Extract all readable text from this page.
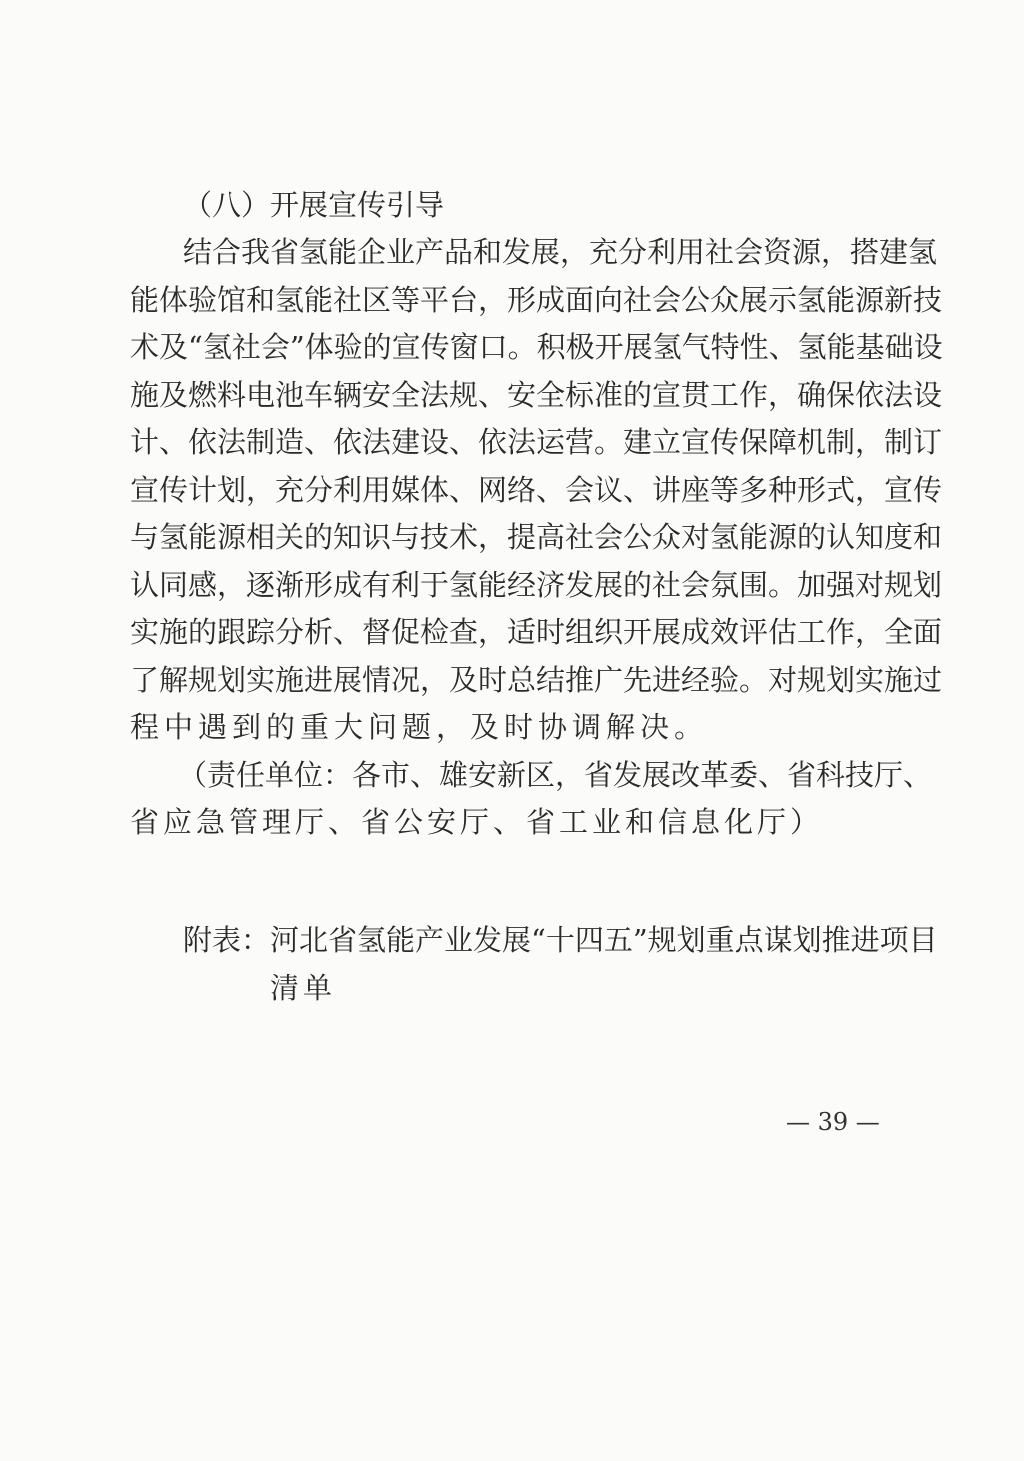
（八）开展宣传引导
结合我省氢能企业产品和发展，充分利用社会资源，搭建氢
能体验馆和氢能社区等平台，形成面向社会公众展示氢能源新技
术及“氢社会”体验的宣传窗口。积极开展氢气特性、氢能基础设
施及燃料电池车辆安全法规、安全标准的宣贯工作，确保依法设
计、依法制造、依法建设、依法运营。建立宣传保障机制，制订
宣传计划，充分利用媒体、网络、会议、讲座等多种形式，宣传
与氢能源相关的知识与技术，提高社会公众对氢能源的认知度和
认同感，逐渐形成有利于氢能经济发展的社会氛围。加强对规划
实施的跟踪分析、督促检查，适时组织开展成效评估工作，全面
了解规划实施进展情况，及时总结推广先进经验。对规划实施过
程中遇到的重大问题，及时协调解决。
（责任单位：各市、雄安新区，省发展改革委、省科技厅、
省应急管理厅、省公安厅、省工业和信息化厅）
附表： 河北省氢能产业发展“十四五”规划重点谋划推进项目
清单
— 39 —
